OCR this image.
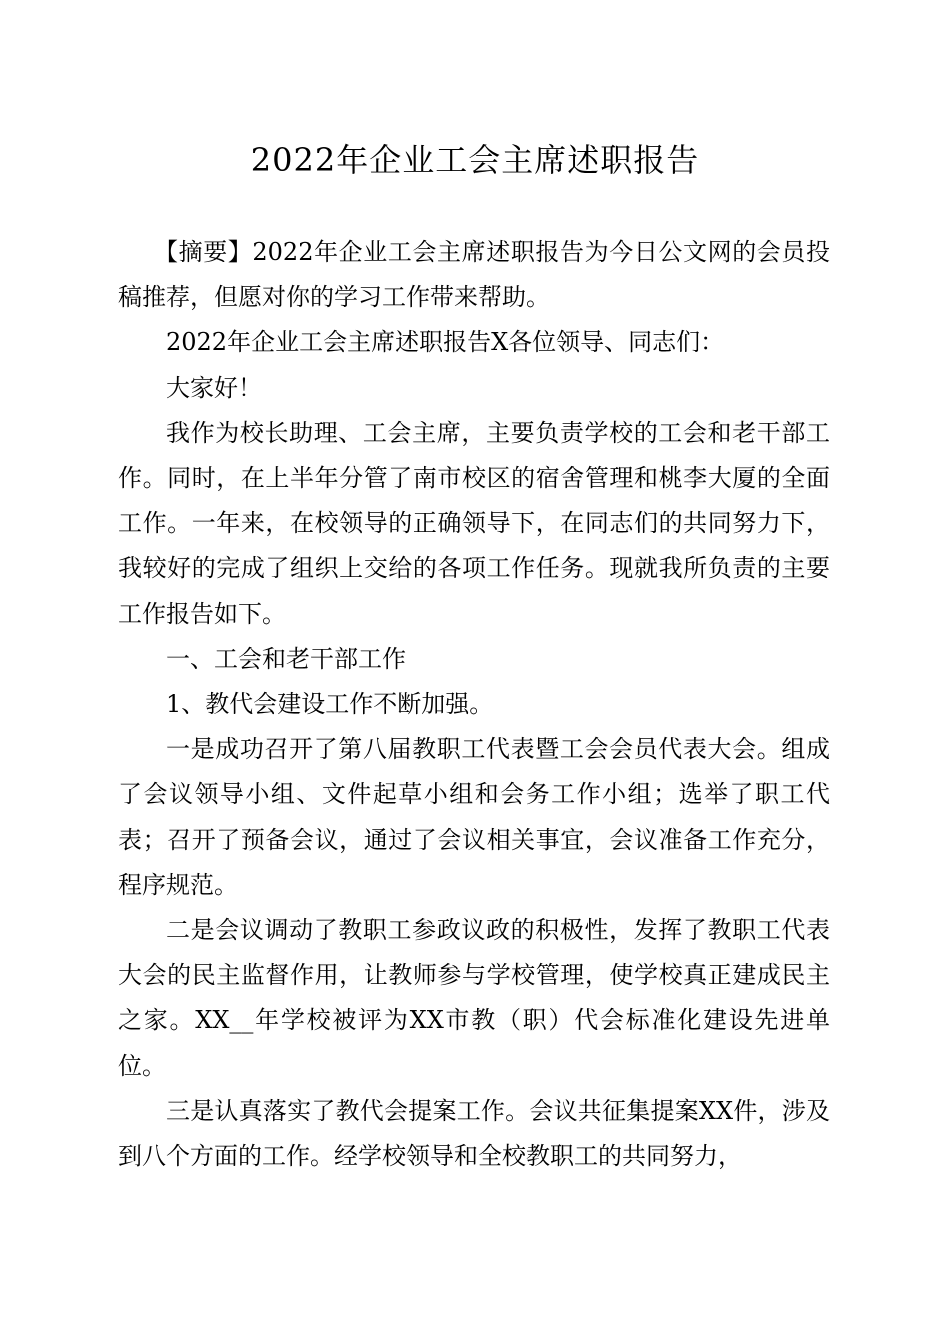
2022年企业工会主席述职报告

【摘要】2022年企业工会主席述职报告为今日公文网的会员投稿推荐，但愿对你的学习工作带来帮助。

2022年企业工会主席述职报告X各位领导、同志们：

大家好！

我作为校长助理、工会主席，主要负责学校的工会和老干部工作。同时，在上半年分管了南市校区的宿舍管理和桃李大厦的全面工作。一年来，在校领导的正确领导下，在同志们的共同努力下，我较好的完成了组织上交给的各项工作任务。现就我所负责的主要工作报告如下。

一、工会和老干部工作

1、教代会建设工作不断加强。

一是成功召开了第八届教职工代表暨工会会员代表大会。组成了会议领导小组、文件起草小组和会务工作小组；选举了职工代表；召开了预备会议，通过了会议相关事宜，会议准备工作充分，程序规范。

二是会议调动了教职工参政议政的积极性，发挥了教职工代表大会的民主监督作用，让教师参与学校管理，使学校真正建成民主之家。XX__年学校被评为XX市教（职）代会标准化建设先进单位。

三是认真落实了教代会提案工作。会议共征集提案XX件，涉及到八个方面的工作。经学校领导和全校教职工的共同努力，
